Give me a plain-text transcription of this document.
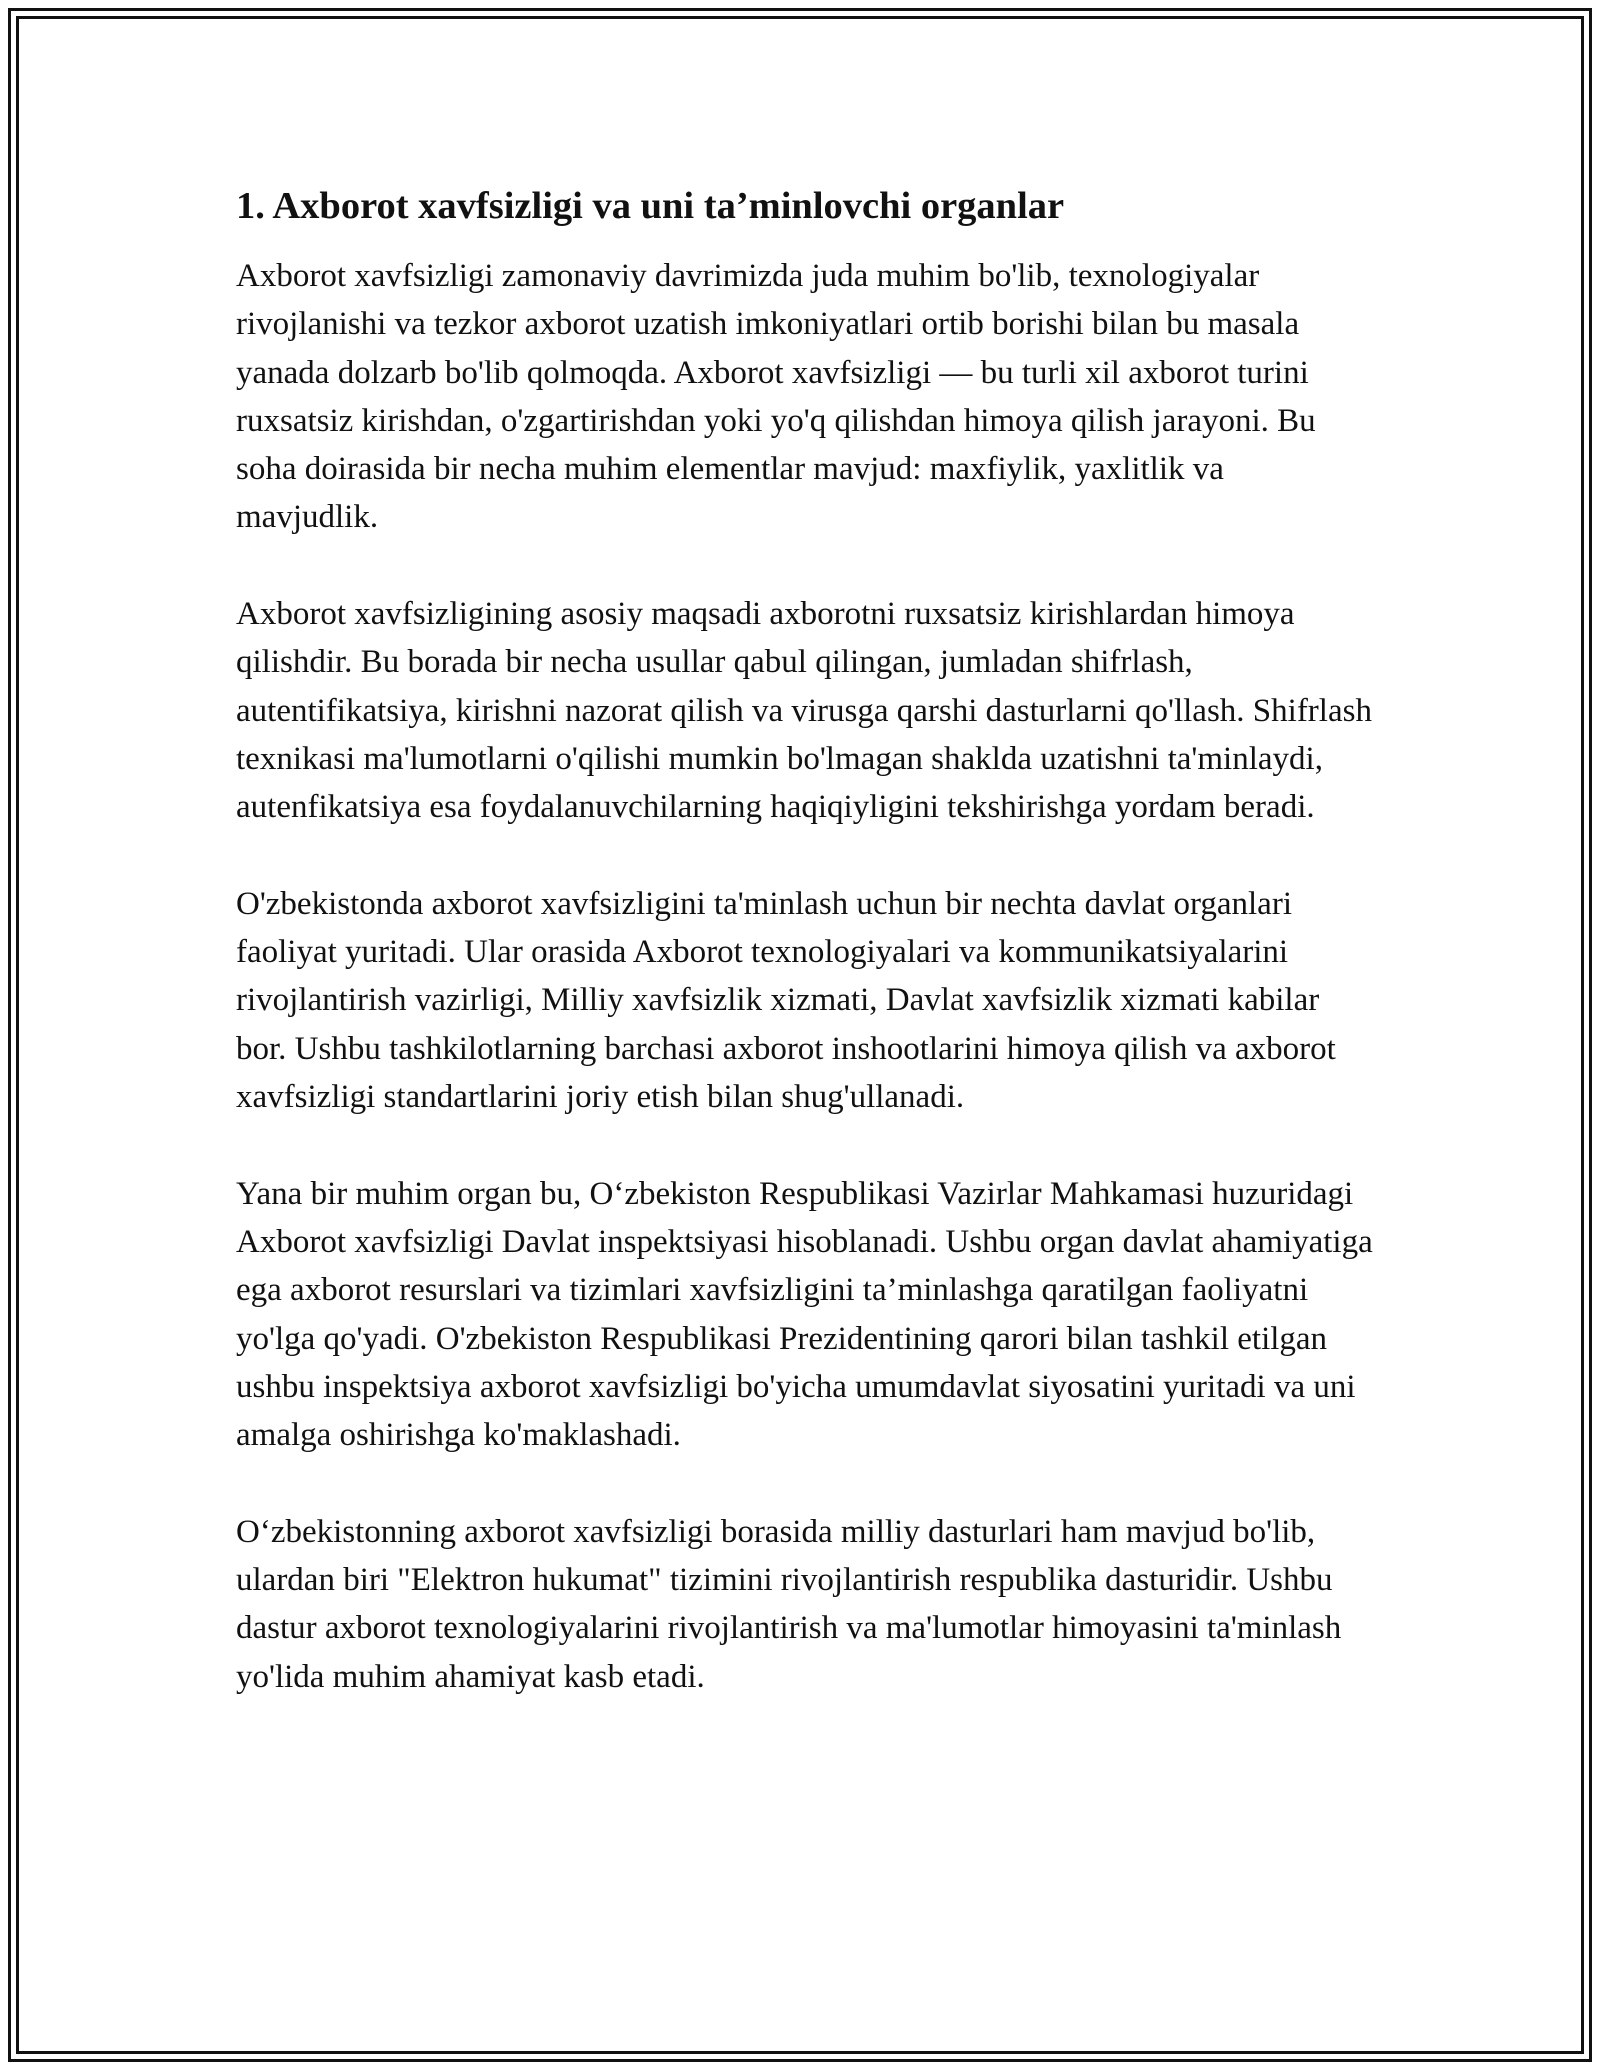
1. Axborot xavfsizligi va uni ta’minlovchi organlar

Axborot xavfsizligi zamonaviy davrimizda juda muhim bo'lib, texnologiyalar rivojlanishi va tezkor axborot uzatish imkoniyatlari ortib borishi bilan bu masala yanada dolzarb bo'lib qolmoqda. Axborot xavfsizligi — bu turli xil axborot turini ruxsatsiz kirishdan, o'zgartirishdan yoki yo'q qilishdan himoya qilish jarayoni. Bu soha doirasida bir necha muhim elementlar mavjud: maxfiylik, yaxlitlik va mavjudlik.

Axborot xavfsizligining asosiy maqsadi axborotni ruxsatsiz kirishlardan himoya qilishdir. Bu borada bir necha usullar qabul qilingan, jumladan shifrlash, autentifikatsiya, kirishni nazorat qilish va virusga qarshi dasturlarni qo'llash. Shifrlash texnikasi ma'lumotlarni o'qilishi mumkin bo'lmagan shaklda uzatishni ta'minlaydi, autenfikatsiya esa foydalanuvchilarning haqiqiyligini tekshirishga yordam beradi.

O'zbekistonda axborot xavfsizligini ta'minlash uchun bir nechta davlat organlari faoliyat yuritadi. Ular orasida Axborot texnologiyalari va kommunikatsiyalarini rivojlantirish vazirligi, Milliy xavfsizlik xizmati, Davlat xavfsizlik xizmati kabilar bor. Ushbu tashkilotlarning barchasi axborot inshootlarini himoya qilish va axborot xavfsizligi standartlarini joriy etish bilan shug'ullanadi.

Yana bir muhim organ bu, O‘zbekiston Respublikasi Vazirlar Mahkamasi huzuridagi Axborot xavfsizligi Davlat inspektsiyasi hisoblanadi. Ushbu organ davlat ahamiyatiga ega axborot resurslari va tizimlari xavfsizligini ta’minlashga qaratilgan faoliyatni yo'lga qo'yadi. O'zbekiston Respublikasi Prezidentining qarori bilan tashkil etilgan ushbu inspektsiya axborot xavfsizligi bo'yicha umumdavlat siyosatini yuritadi va uni amalga oshirishga ko'maklashadi.

O‘zbekistonning axborot xavfsizligi borasida milliy dasturlari ham mavjud bo'lib, ulardan biri "Elektron hukumat" tizimini rivojlantirish respublika dasturidir. Ushbu dastur axborot texnologiyalarini rivojlantirish va ma'lumotlar himoyasini ta'minlash yo'lida muhim ahamiyat kasb etadi.
